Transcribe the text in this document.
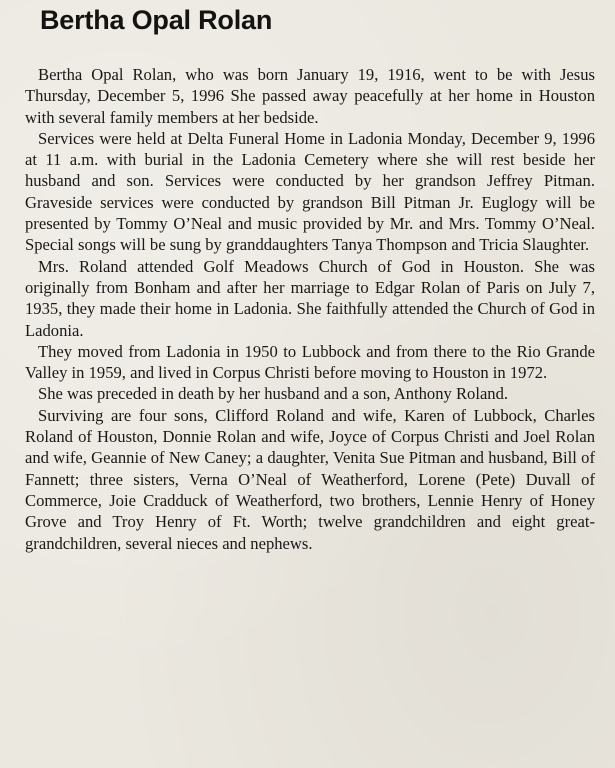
Bertha Opal Rolan

Bertha Opal Rolan, who was born January 19, 1916, went to be with Jesus Thursday, December 5, 1996 She passed away peacefully at her home in Houston with several family members at her bedside.

Services were held at Delta Funeral Home in Ladonia Monday, December 9, 1996 at 11 a.m. with burial in the Ladonia Cemetery where she will rest beside her husband and son. Services were conducted by her grandson Jeffrey Pitman. Graveside services were conducted by grandson Bill Pitman Jr. Euglogy will be presented by Tommy O’Neal and music provided by Mr. and Mrs. Tommy O’Neal. Special songs will be sung by granddaughters Tanya Thompson and Tricia Slaughter.

Mrs. Roland attended Golf Meadows Church of God in Houston. She was originally from Bonham and after her marriage to Edgar Rolan of Paris on July 7, 1935, they made their home in Ladonia. She faithfully attended the Church of God in Ladonia.

They moved from Ladonia in 1950 to Lubbock and from there to the Rio Grande Valley in 1959, and lived in Corpus Christi before moving to Houston in 1972.

She was preceded in death by her husband and a son, Anthony Roland.

Surviving are four sons, Clifford Roland and wife, Karen of Lubbock, Charles Roland of Houston, Donnie Rolan and wife, Joyce of Corpus Christi and Joel Rolan and wife, Geannie of New Caney; a daughter, Venita Sue Pitman and husband, Bill of Fannett; three sisters, Verna O’Neal of Weatherford, Lorene (Pete) Duvall of Commerce, Joie Cradduck of Weatherford, two brothers, Lennie Henry of Honey Grove and Troy Henry of Ft. Worth; twelve grandchildren and eight great-grandchildren, several nieces and nephews.
